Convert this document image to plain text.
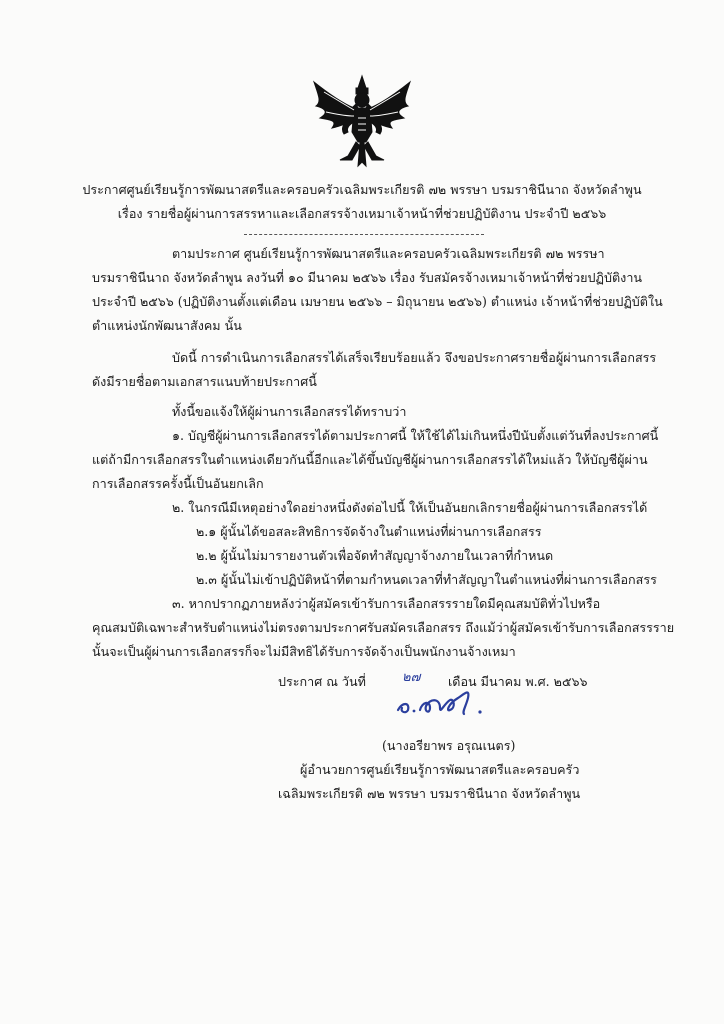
ประกาศศูนย์เรียนรู้การพัฒนาสตรีและครอบครัวเฉลิมพระเกียรติ ๗๒ พรรษา บรมราชินีนาถ จังหวัดลำพูน

เรื่อง รายชื่อผู้ผ่านการสรรหาและเลือกสรรจ้างเหมาเจ้าหน้าที่ช่วยปฏิบัติงาน ประจำปี ๒๕๖๖

ตามประกาศ ศูนย์เรียนรู้การพัฒนาสตรีและครอบครัวเฉลิมพระเกียรติ ๗๒ พรรษา

บรมราชินีนาถ จังหวัดลำพูน ลงวันที่ ๑๐ มีนาคม ๒๕๖๖ เรื่อง รับสมัครจ้างเหมาเจ้าหน้าที่ช่วยปฏิบัติงาน

ประจำปี ๒๕๖๖ (ปฏิบัติงานตั้งแต่เดือน เมษายน ๒๕๖๖ – มิถุนายน ๒๕๖๖) ตำแหน่ง เจ้าหน้าที่ช่วยปฏิบัติใน

ตำแหน่งนักพัฒนาสังคม นั้น

บัดนี้ การดำเนินการเลือกสรรได้เสร็จเรียบร้อยแล้ว จึงขอประกาศรายชื่อผู้ผ่านการเลือกสรร

ดังมีรายชื่อตามเอกสารแนบท้ายประกาศนี้

ทั้งนี้ขอแจ้งให้ผู้ผ่านการเลือกสรรได้ทราบว่า

๑. บัญชีผู้ผ่านการเลือกสรรได้ตามประกาศนี้ ให้ใช้ได้ไม่เกินหนึ่งปีนับตั้งแต่วันที่ลงประกาศนี้

แต่ถ้ามีการเลือกสรรในตำแหน่งเดียวกันนี้อีกและได้ขึ้นบัญชีผู้ผ่านการเลือกสรรได้ใหม่แล้ว ให้บัญชีผู้ผ่าน

การเลือกสรรครั้งนี้เป็นอันยกเลิก

๒. ในกรณีมีเหตุอย่างใดอย่างหนึ่งดังต่อไปนี้ ให้เป็นอันยกเลิกรายชื่อผู้ผ่านการเลือกสรรได้

๒.๑ ผู้นั้นได้ขอสละสิทธิการจัดจ้างในตำแหน่งที่ผ่านการเลือกสรร

๒.๒ ผู้นั้นไม่มารายงานตัวเพื่อจัดทำสัญญาจ้างภายในเวลาที่กำหนด

๒.๓ ผู้นั้นไม่เข้าปฏิบัติหน้าที่ตามกำหนดเวลาที่ทำสัญญาในตำแหน่งที่ผ่านการเลือกสรร

๓. หากปรากฏภายหลังว่าผู้สมัครเข้ารับการเลือกสรรรายใดมีคุณสมบัติทั่วไปหรือ

คุณสมบัติเฉพาะสำหรับตำแหน่งไม่ตรงตามประกาศรับสมัครเลือกสรร ถึงแม้ว่าผู้สมัครเข้ารับการเลือกสรรราย

นั้นจะเป็นผู้ผ่านการเลือกสรรก็จะไม่มีสิทธิได้รับการจัดจ้างเป็นพนักงานจ้างเหมา

ประกาศ ณ วันที่	๒๗ เดือน มีนาคม พ.ศ. ๒๕๖๖

(นางอรียาพร อรุณเนตร)

ผู้อำนวยการศูนย์เรียนรู้การพัฒนาสตรีและครอบครัว

เฉลิมพระเกียรติ ๗๒ พรรษา บรมราชินีนาถ จังหวัดลำพูน
